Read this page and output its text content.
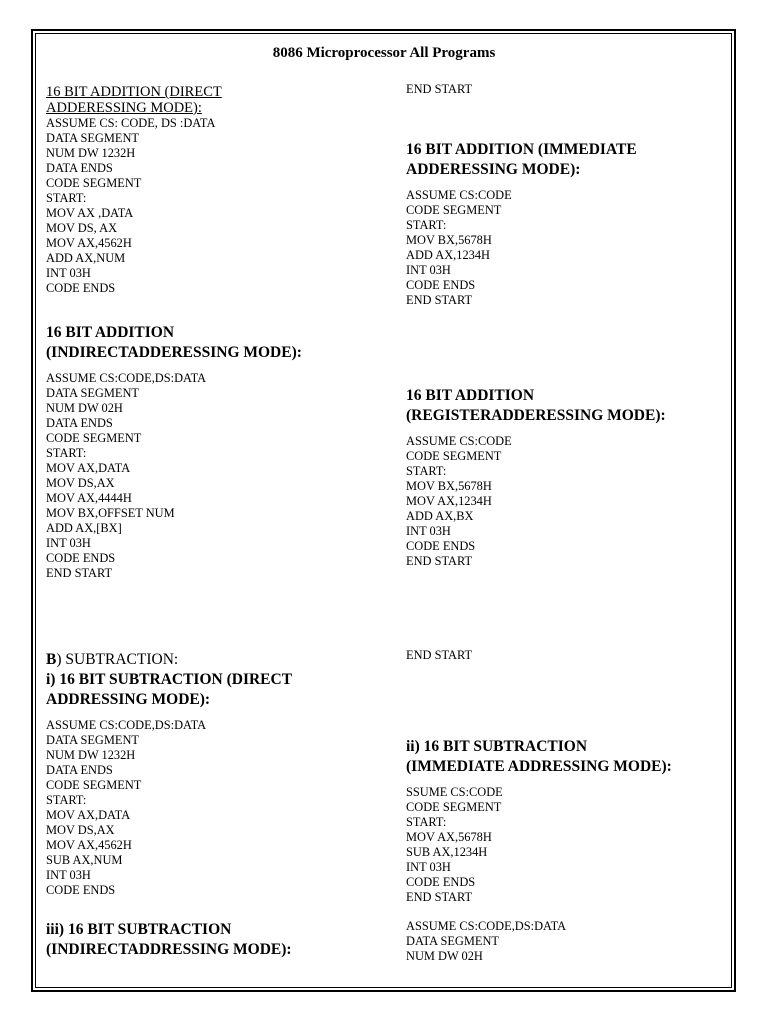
8086 Microprocessor All Programs
16 BIT ADDITION (DIRECT
ADDERESSING MODE):
ASSUME CS: CODE, DS :DATA
DATA SEGMENT
NUM DW 1232H
DATA ENDS
CODE SEGMENT
START:
MOV AX ,DATA
MOV DS, AX
MOV AX,4562H
ADD AX,NUM
INT 03H
CODE ENDS
16 BIT ADDITION
(INDIRECTADDERESSING MODE):
ASSUME CS:CODE,DS:DATA
DATA SEGMENT
NUM DW 02H
DATA ENDS
CODE SEGMENT
START:
MOV AX,DATA
MOV DS,AX
MOV AX,4444H
MOV BX,OFFSET NUM
ADD AX,[BX]
INT 03H
CODE ENDS
END START
B) SUBTRACTION:
i) 16 BIT SUBTRACTION (DIRECT
ADDRESSING MODE):
ASSUME CS:CODE,DS:DATA
DATA SEGMENT
NUM DW 1232H
DATA ENDS
CODE SEGMENT
START:
MOV AX,DATA
MOV DS,AX
MOV AX,4562H
SUB AX,NUM
INT 03H
CODE ENDS
iii) 16 BIT SUBTRACTION
(INDIRECTADDRESSING MODE):
END START
16 BIT ADDITION (IMMEDIATE
ADDERESSING MODE):
ASSUME CS:CODE
CODE SEGMENT
START:
MOV BX,5678H
ADD AX,1234H
INT 03H
CODE ENDS
END START
16 BIT ADDITION
(REGISTERADDERESSING MODE):
ASSUME CS:CODE
CODE SEGMENT
START:
MOV BX,5678H
MOV AX,1234H
ADD AX,BX
INT 03H
CODE ENDS
END START
END START
ii) 16 BIT SUBTRACTION
(IMMEDIATE ADDRESSING MODE):
SSUME CS:CODE
CODE SEGMENT
START:
MOV AX,5678H
SUB AX,1234H
INT 03H
CODE ENDS
END START
ASSUME CS:CODE,DS:DATA
DATA SEGMENT
NUM DW 02H
